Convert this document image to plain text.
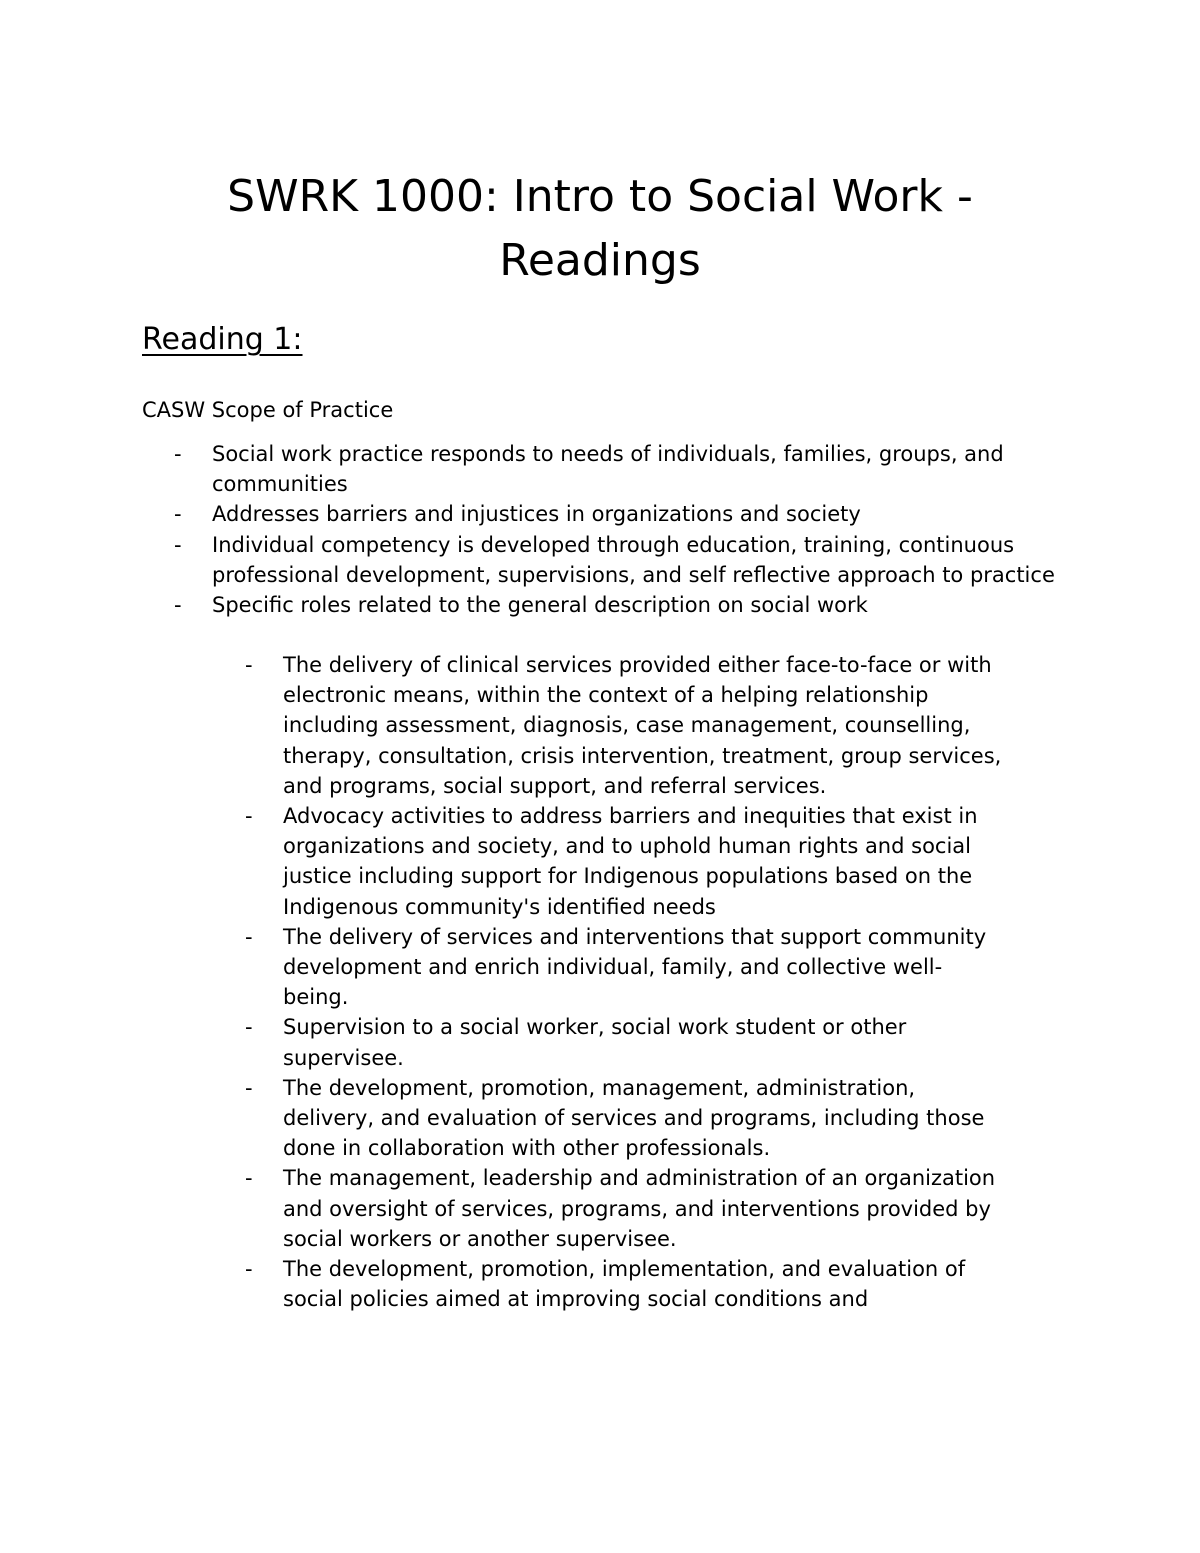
SWRK 1000: Intro to Social Work -
Readings
Reading 1:

CASW Scope of Practice

- Social work practice responds to needs of individuals, families, groups, and communities
- Addresses barriers and injustices in organizations and society
- Individual competency is developed through education, training, continuous professional development, supervisions, and self reflective approach to practice
- Specific roles related to the general description on social work
- The delivery of clinical services provided either face-to-face or with electronic means, within the context of a helping relationship including assessment, diagnosis, case management, counselling, therapy, consultation, crisis intervention, treatment, group services, and programs, social support, and referral services.
- Advocacy activities to address barriers and inequities that exist in organizations and society, and to uphold human rights and social justice including support for Indigenous populations based on the Indigenous community's identified needs
- The delivery of services and interventions that support community development and enrich individual, family, and collective well-being.
- Supervision to a social worker, social work student or other supervisee.
- The development, promotion, management, administration, delivery, and evaluation of services and programs, including those done in collaboration with other professionals.
- The management, leadership and administration of an organization and oversight of services, programs, and interventions provided by social workers or another supervisee.
- The development, promotion, implementation, and evaluation of social policies aimed at improving social conditions and
